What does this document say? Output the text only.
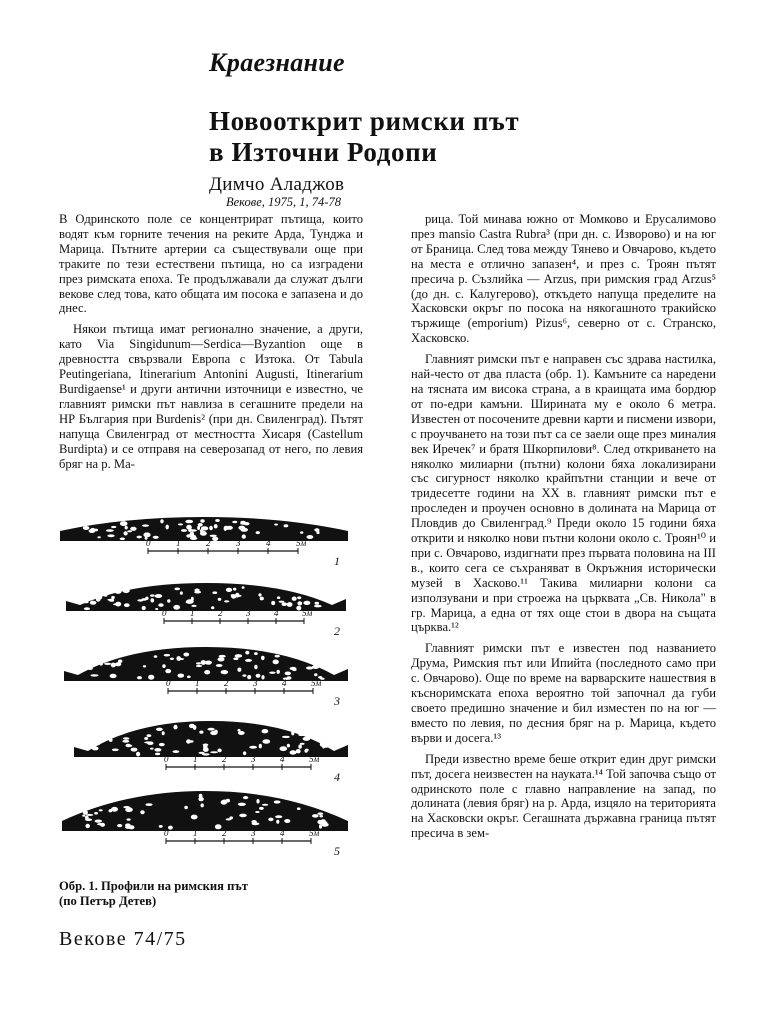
Краезнание
Новооткрит римски път
в Източни Родопи
Димчо Аладжов
Векове, 1975, 1, 74-78

В Одринското поле се концентрират пътища, които водят към горните течения на реките Арда, Тунджа и Марица. Пътните артерии са съществували още при траките по тези естествени пътища, но са изградени през римската епоха. Те продължавали да служат дълги векове след това, като общата им посока е запазена и до днес.

Някои пътища имат регионално значение, а други, като Via Singidunum—Serdica—Byzantion още в древността свързвали Европа с Изтока. От Tabula Peutingeriana, Itinerarium Antonini Augusti, Itinerarium Burdigaense¹ и други антични източници е известно, че главният римски път навлиза в сегашните предели на НР България при Burdenis² (при дн. Свиленград). Пътят напуща Свиленград от местността Хисаря (Castellum Burdipta) и се отправя на северозапад от него, по левия бряг на р. Ма-

0	1	2	3	4	5м
1
0	1	2	3	4	5м
2
0	1	2	3	4	5м
3
0	1	2	3	4	5м
4
0	1	2	3	4	5м
5
Обр. 1. Профили на римския път
(по Петър Детев)

рица. Той минава южно от Момково и Ерусалимово през mansio Castra Rubra³ (при дн. с. Изворово) и на юг от Браница. След това между Тяневo и Овчарово, където на места е отлично запазен⁴, и през с. Троян пътят пресича р. Съзлийка — Arzus, при римския град Arzus⁵ (до дн. с. Калугерово), откъдето напуща пределите на Хасковски окръг по посока на някогашното тракийско тържище (emporium) Pizus⁶, северно от с. Странско, Хасковско.

Главният римски път е направен със здрава настилка, най-често от два пласта (обр. 1). Камъните са наредени на тясната им висока страна, а в краищата има бордюр от по-едри камъни. Ширината му е около 6 метра. Известен от посочените древни карти и писмени извори, с проучването на този път са се заели още през миналия век Иречек⁷ и братя Шкорпилови⁸. След откриването на няколко милиарни (пътни) колони бяха локализирани със сигурност няколко крайпътни станции и вече от тридесетте години на XX в. главният римски път е проследен и проучен основно в долината на Марица от Пловдив до Свиленград.⁹ Преди около 15 години бяха открити и няколко нови пътни колони около с. Троян¹⁰ и при с. Овчарово, издигнати през първата половина на III в., които сега се съхраняват в Окръжния исторически музей в Хасково.¹¹ Такива милиарни колони са използувани и при строежа на църквата „Св. Никола" в гр. Марица, а една от тях още стои в двора на същата църква.¹²

Главният римски път е известен под названието Друма, Римския път или Ипийта (последното само при с. Овчарово). Още по време на варварските нашествия в късноримската епоха вероятно той започнал да губи своето предишно значение и бил изместен по на юг — вместо по левия, по десния бряг на р. Марица, където върви и досега.¹³

Преди известно време беше открит един друг римски път, досега неизвестен на науката.¹⁴ Той започва също от одринското поле с главно направление на запад, по долината (левия бряг) на р. Арда, изцяло на територията на Хасковски окръг. Сегашната държавна граница пътят пресича в зем-

Векове 74/75
